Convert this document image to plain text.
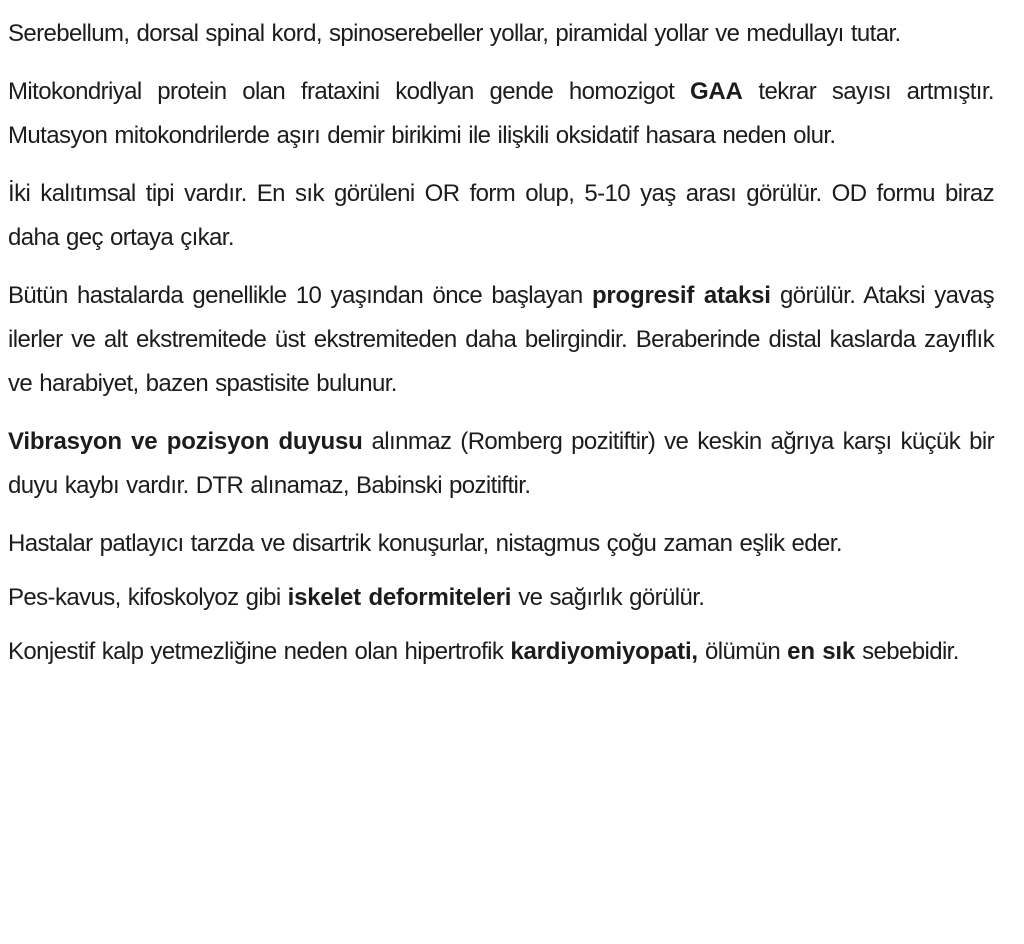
Serebellum, dorsal spinal kord, spinoserebeller yollar, piramidal yollar ve medullayı tutar.

Mitokondriyal protein olan frataxini kodlyan gende homozigot GAA tekrar sayısı artmıştır. Mutasyon mitokondrilerde aşırı demir birikimi ile ilişkili oksidatif hasara neden olur.

İki kalıtımsal tipi vardır. En sık görüleni OR form olup, 5-10 yaş arası görülür. OD formu biraz daha geç ortaya çıkar.

Bütün hastalarda genellikle 10 yaşından önce başlayan progresif ataksi görülür. Ataksi yavaş ilerler ve alt ekstremitede üst ekstremiteden daha belirgindir. Beraberinde distal kaslarda zayıflık ve harabiyet, bazen spastisite bulunur.

Vibrasyon ve pozisyon duyusu alınmaz (Romberg pozitiftir) ve keskin ağrıya karşı küçük bir duyu kaybı vardır. DTR alınamaz, Babinski pozitiftir.

Hastalar patlayıcı tarzda ve disartrik konuşurlar, nistagmus çoğu zaman eşlik eder.

Pes-kavus, kifoskolyoz gibi iskelet deformiteleri ve sağırlık görülür.

Konjestif kalp yetmezliğine neden olan hipertrofik kardiyomiyopati, ölümün en sık sebebidir.
